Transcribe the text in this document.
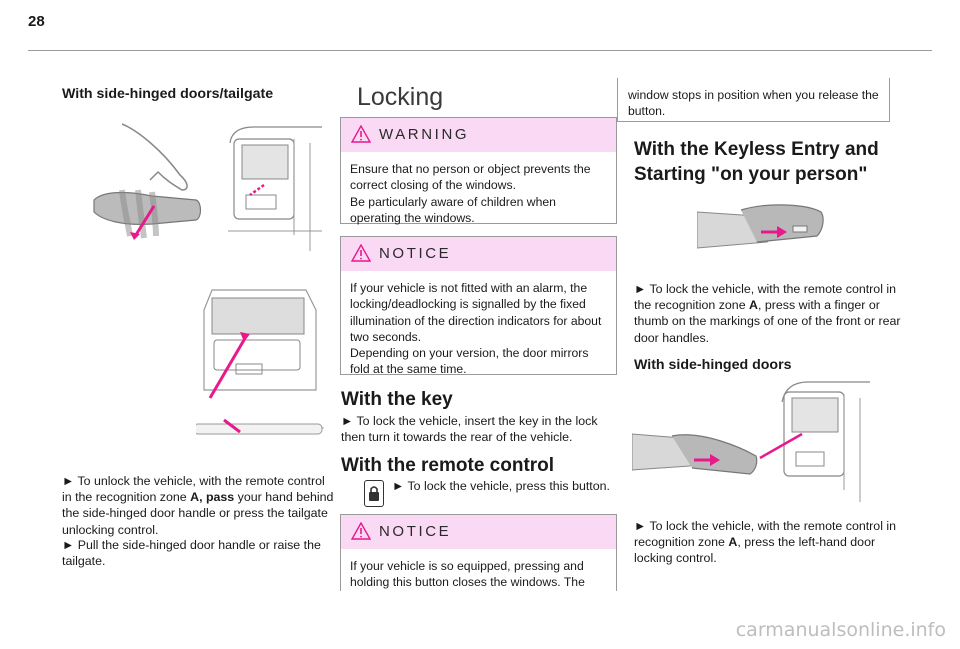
28
With side-hinged doors/tailgate
► To unlock the vehicle, with the remote control in the recognition zone A, pass your hand behind the side-hinged door handle or press the tailgate unlocking control.
► Pull the side-hinged door handle or raise the tailgate.
Locking
WARNING
Ensure that no person or object prevents the correct closing of the windows.
Be particularly aware of children when operating the windows.
NOTICE
If your vehicle is not fitted with an alarm, the locking/deadlocking is signalled by the fixed illumination of the direction indicators for about two seconds.
Depending on your version, the door mirrors fold at the same time.
With the key
► To lock the vehicle, insert the key in the lock then turn it towards the rear of the vehicle.
With the remote control
► To lock the vehicle, press this button.
NOTICE
If your vehicle is so equipped, pressing and holding this button closes the windows. The
window stops in position when you release the button.
With the Keyless Entry and Starting "on your person"
► To lock the vehicle, with the remote control in the recognition zone A, press with a finger or thumb on the markings of one of the front or rear door handles.
With side-hinged doors
► To lock the vehicle, with the remote control in recognition zone A, press the left-hand door locking control.
carmanualsonline.info
